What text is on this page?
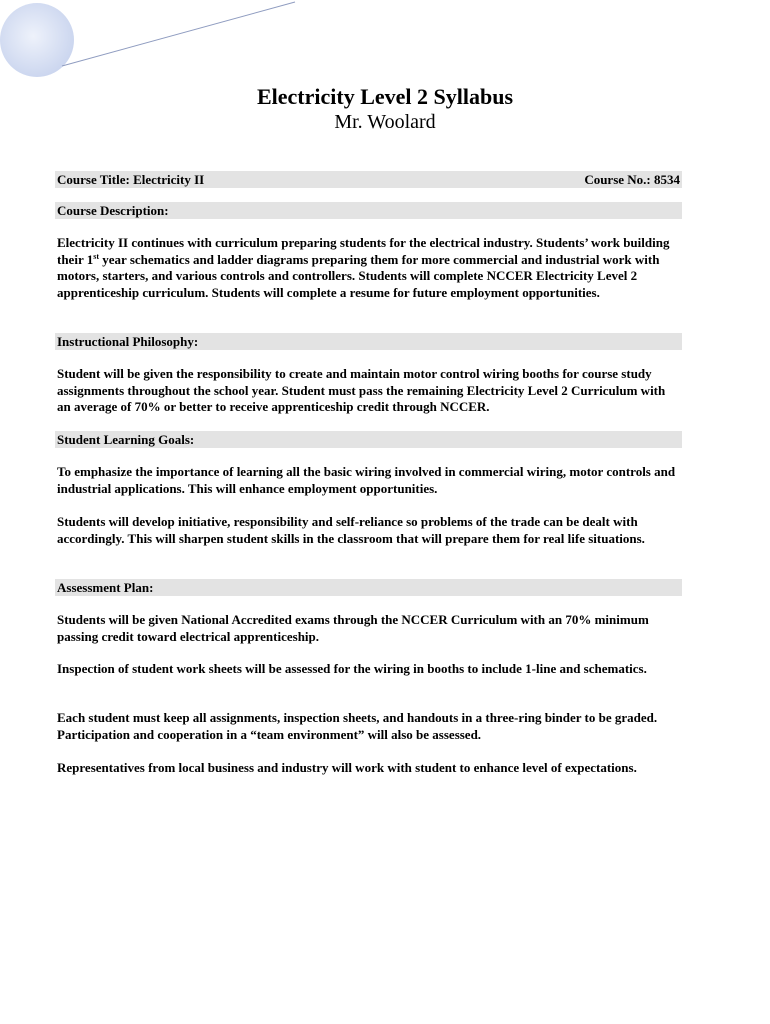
Electricity Level 2 Syllabus
Mr. Woolard
Course Title: Electricity II	Course No.: 8534
Course Description:
Electricity II continues with curriculum preparing students for the electrical industry. Students’ work building their 1st year schematics and ladder diagrams preparing them for more commercial and industrial work with motors, starters, and various controls and controllers. Students will complete NCCER Electricity Level 2 apprenticeship curriculum. Students will complete a resume for future employment opportunities.
Instructional Philosophy:
Student will be given the responsibility to create and maintain motor control wiring booths for course study assignments throughout the school year. Student must pass the remaining Electricity Level 2 Curriculum with an average of 70% or better to receive apprenticeship credit through NCCER.
Student Learning Goals:
To emphasize the importance of learning all the basic wiring involved in commercial wiring, motor controls and industrial applications. This will enhance employment opportunities.
Students will develop initiative, responsibility and self-reliance so problems of the trade can be dealt with accordingly. This will sharpen student skills in the classroom that will prepare them for real life situations.
Assessment Plan:
Students will be given National Accredited exams through the NCCER Curriculum with an 70% minimum passing credit toward electrical apprenticeship.
Inspection of student work sheets will be assessed for the wiring in booths to include 1-line and schematics.
Each student must keep all assignments, inspection sheets, and handouts in a three-ring binder to be graded. Participation and cooperation in a “team environment” will also be assessed.
Representatives from local business and industry will work with student to enhance level of expectations.
